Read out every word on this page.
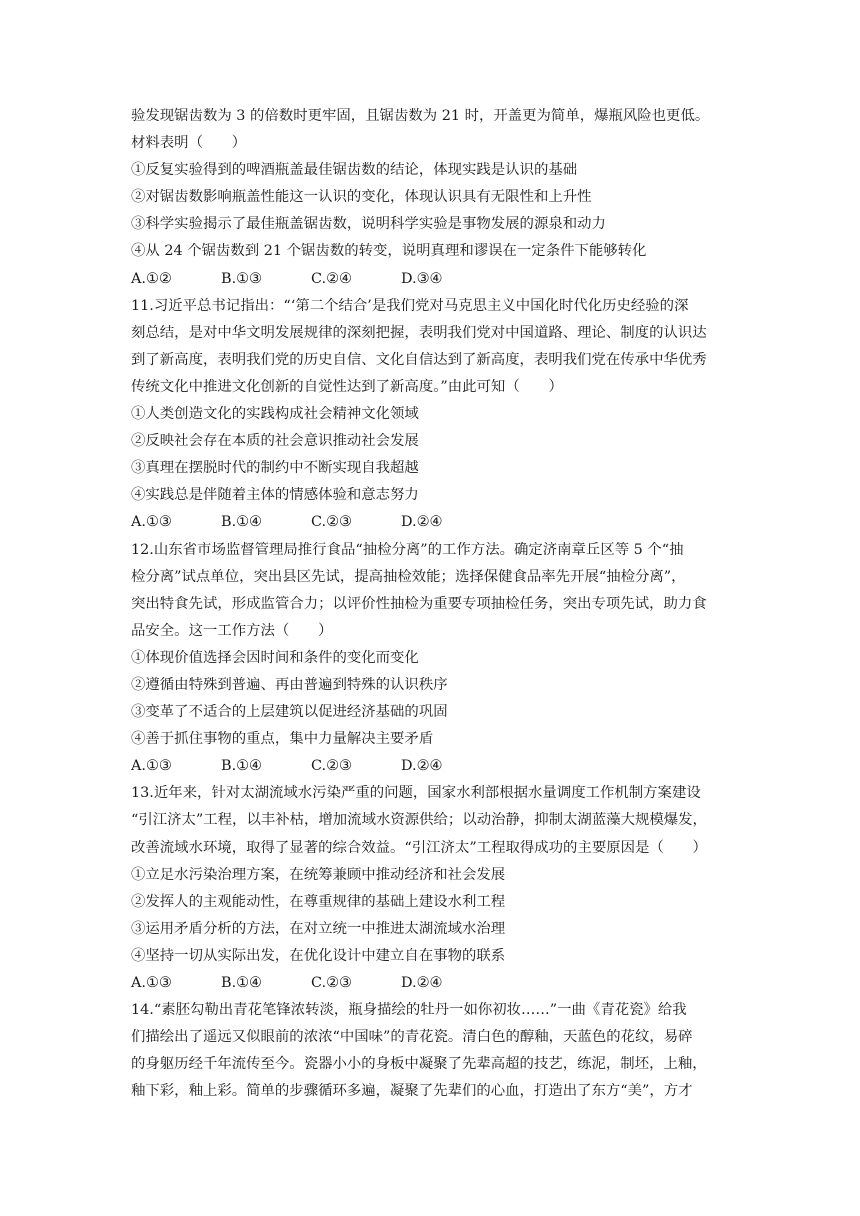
验发现锯齿数为 3 的倍数时更牢固，且锯齿数为 21 时，开盖更为简单，爆瓶风险也更低。
材料表明（　　）
①反复实验得到的啤酒瓶盖最佳锯齿数的结论，体现实践是认识的基础
②对锯齿数影响瓶盖性能这一认识的变化，体现认识具有无限性和上升性
③科学实验揭示了最佳瓶盖锯齿数，说明科学实验是事物发展的源泉和动力
④从 24 个锯齿数到 21 个锯齿数的转变，说明真理和谬误在一定条件下能够转化
A.①②	B.①③	C.②④	D.③④
11.习近平总书记指出：“‘第二个结合’是我们党对马克思主义中国化时代化历史经验的深
刻总结，是对中华文明发展规律的深刻把握，表明我们党对中国道路、理论、制度的认识达
到了新高度，表明我们党的历史自信、文化自信达到了新高度，表明我们党在传承中华优秀
传统文化中推进文化创新的自觉性达到了新高度。”由此可知（　　）
①人类创造文化的实践构成社会精神文化领域
②反映社会存在本质的社会意识推动社会发展
③真理在摆脱时代的制约中不断实现自我超越
④实践总是伴随着主体的情感体验和意志努力
A.①③	B.①④	C.②③	D.②④
12.山东省市场监督管理局推行食品“抽检分离”的工作方法。确定济南章丘区等 5 个“抽
检分离”试点单位，突出县区先试，提高抽检效能；选择保健食品率先开展“抽检分离”，
突出特食先试，形成监管合力；以评价性抽检为重要专项抽检任务，突出专项先试，助力食
品安全。这一工作方法（　　）
①体现价值选择会因时间和条件的变化而变化
②遵循由特殊到普遍、再由普遍到特殊的认识秩序
③变革了不适合的上层建筑以促进经济基础的巩固
④善于抓住事物的重点，集中力量解决主要矛盾
A.①③	B.①④	C.②③	D.②④
13.近年来，针对太湖流域水污染严重的问题，国家水利部根据水量调度工作机制方案建设
“引江济太”工程，以丰补枯，增加流域水资源供给；以动治静，抑制太湖蓝藻大规模爆发，
改善流域水环境，取得了显著的综合效益。“引江济太”工程取得成功的主要原因是（　　）
①立足水污染治理方案，在统筹兼顾中推动经济和社会发展
②发挥人的主观能动性，在尊重规律的基础上建设水利工程
③运用矛盾分析的方法，在对立统一中推进太湖流域水治理
④坚持一切从实际出发，在优化设计中建立自在事物的联系
A.①③	B.①④	C.②③	D.②④
14.“素胚勾勒出青花笔锋浓转淡，瓶身描绘的牡丹一如你初妆……”一曲《青花瓷》给我
们描绘出了遥远又似眼前的浓浓“中国味”的青花瓷。清白色的醇釉，天蓝色的花纹，易碎
的身躯历经千年流传至今。瓷器小小的身板中凝聚了先辈高超的技艺，练泥，制坯，上釉，
釉下彩，釉上彩。简单的步骤循环多遍，凝聚了先辈们的心血，打造出了东方“美”，方才
